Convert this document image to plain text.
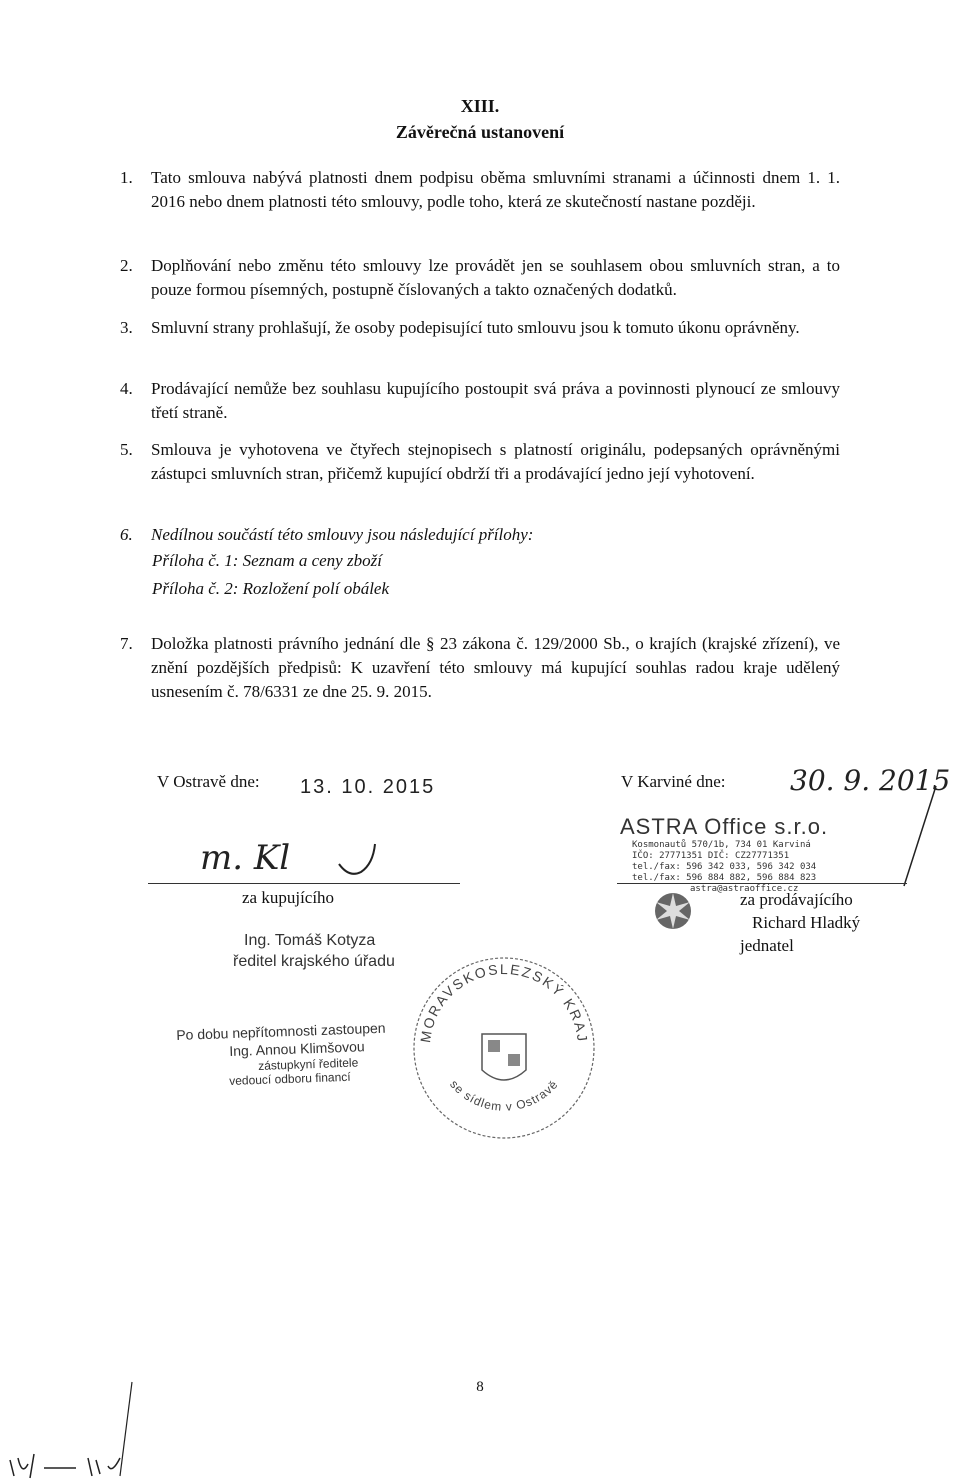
XIII.
Závěrečná ustanovení
1. Tato smlouva nabývá platnosti dnem podpisu oběma smluvními stranami a účinnosti dnem 1. 1. 2016 nebo dnem platnosti této smlouvy, podle toho, která ze skutečností nastane později.
2. Doplňování nebo změnu této smlouvy lze provádět jen se souhlasem obou smluvních stran, a to pouze formou písemných, postupně číslovaných a takto označených dodatků.
3. Smluvní strany prohlašují, že osoby podepisující tuto smlouvu jsou k tomuto úkonu oprávněny.
4. Prodávající nemůže bez souhlasu kupujícího postoupit svá práva a povinnosti plynoucí ze smlouvy třetí straně.
5. Smlouva je vyhotovena ve čtyřech stejnopisech s platností originálu, podepsaných oprávněnými zástupci smluvních stran, přičemž kupující obdrží tři a prodávající jedno její vyhotovení.
6. Nedílnou součástí této smlouvy jsou následující přílohy:
Příloha č. 1: Seznam a ceny zboží
Příloha č. 2: Rozložení polí obálek
7. Doložka platnosti právního jednání dle § 23 zákona č. 129/2000 Sb., o krajích (krajské zřízení), ve znění pozdějších předpisů: K uzavření této smlouvy má kupující souhlas radou kraje udělený usnesením č. 78/6331 ze dne 25. 9. 2015.
V Ostravě dne: 13. 10. 2015
m. Kl
za kupujícího
Ing. Tomáš Kotyza
ředitel krajského úřadu
Po dobu nepřítomnosti zastoupen
Ing. Annou Klimšovou
zástupkyní ředitele
vedoucí odboru financí
MORAVSKOSLEZSKÝ KRAJ
se sídlem v Ostravě
V Karviné dne: 30. 9. 2015
ASTRA Office s.r.o.
Kosmonautů 570/1b, 734 01 Karviná
IČO: 27771351 DIČ: CZ27771351
tel./fax: 596 342 033, 596 342 034
tel./fax: 596 884 882, 596 884 823
astra@astraoffice.cz
za prodávajícího
Richard Hladký
jednatel
8
